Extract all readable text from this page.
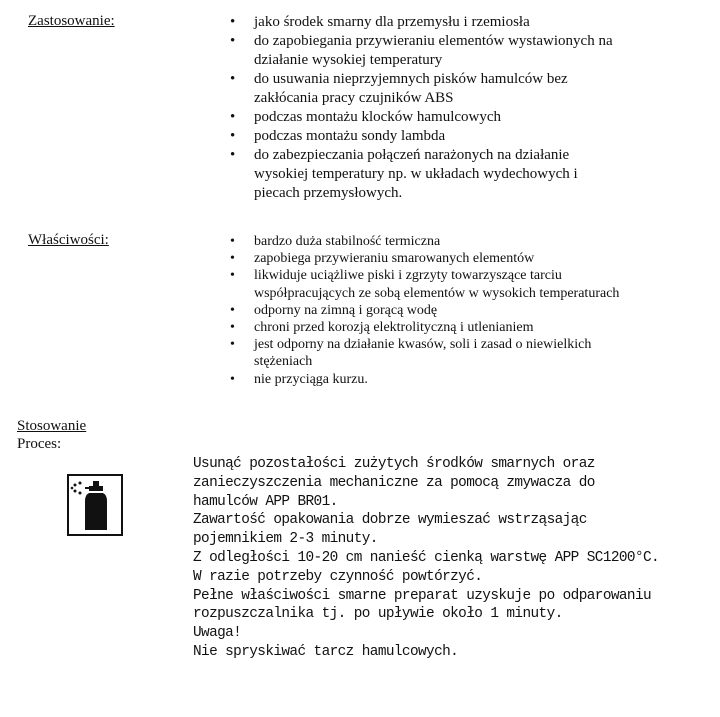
Zastosowanie:	• jako środek smarny dla przemysłu i rzemiosła
• do zapobiegania przywieraniu elementów wystawionych na
działanie wysokiej temperatury
• do usuwania nieprzyjemnych pisków hamulców bez
zakłócania pracy czujników ABS
• podczas montażu klocków hamulcowych
• podczas montażu sondy lambda
• do zabezpieczania połączeń narażonych na działanie
wysokiej temperatury np. w układach wydechowych i
piecach przemysłowych.
Właściwości:	• bardzo duża stabilność termiczna
• zapobiega przywieraniu smarowanych elementów
• likwiduje uciążliwe piski i zgrzyty towarzyszące tarciu
współpracujących ze sobą elementów w wysokich temperaturach
• odporny na zimną i gorącą wodę
• chroni przed korozją elektrolityczną i utlenianiem
• jest odporny na działanie kwasów, soli i zasad o niewielkich
stężeniach
• nie przyciąga kurzu.
Stosowanie
Proces:
Usunąć pozostałości zużytych środków smarnych oraz
zanieczyszczenia mechaniczne za pomocą zmywacza do
hamulców APP BR01.
Zawartość opakowania dobrze wymieszać wstrząsając
pojemnikiem 2-3 minuty.
Z odległości 10-20 cm nanieść cienką warstwę APP SC1200°C.
W razie potrzeby czynność powtórzyć.
Pełne właściwości smarne preparat uzyskuje po odparowaniu
rozpuszczalnika tj. po upływie około 1 minuty.
Uwaga!
Nie spryskiwać tarcz hamulcowych.
